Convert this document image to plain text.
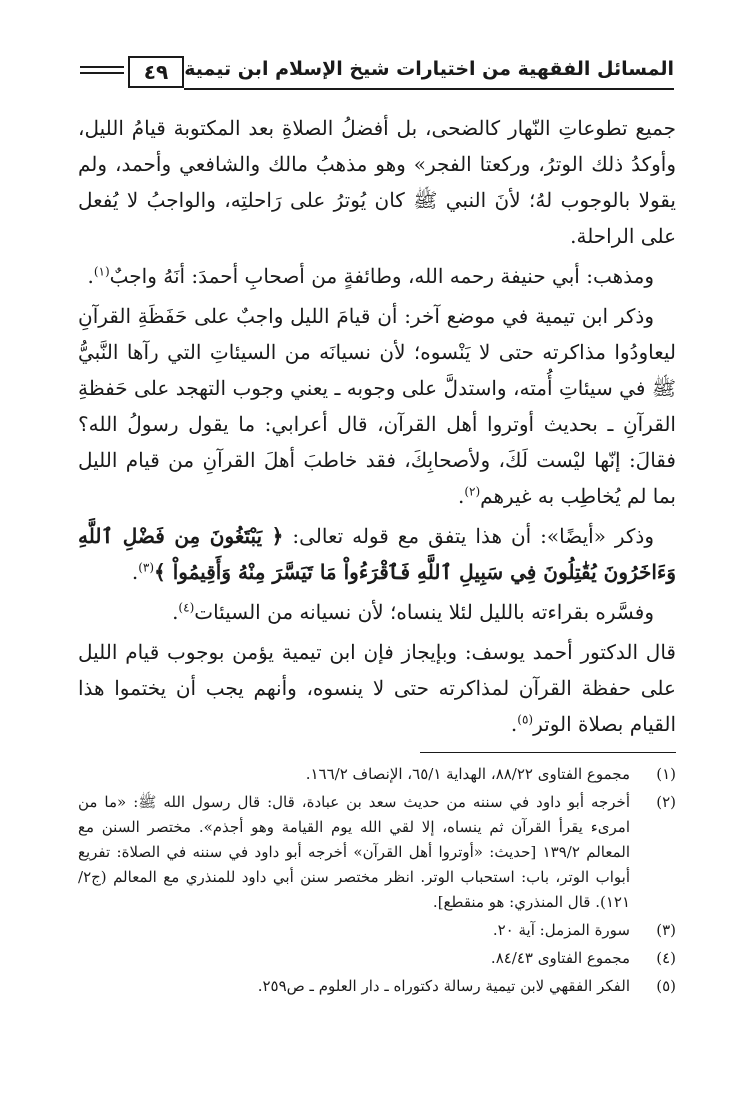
المسائل الفقهية من اختيارات شيخ الإسلام ابن تيمية
٤٩

جميع تطوعاتِ النّهار كالضحى، بل أفضلُ الصلاةِ بعد المكتوبة قيامُ الليل، وأوكدُ ذلك الوترُ، وركعتا الفجر» وهو مذهبُ مالك والشافعي وأحمد، ولم يقولا بالوجوب لهُ؛ لأنَ النبي ﷺ كان يُوترُ على رَاحلتِه، والواجبُ لا يُفعل على الراحلة.

ومذهب: أبي حنيفة رحمه الله، وطائفةٍ من أصحابِ أحمدَ: أنَهُ واجبٌ$^{(١)}$.

وذكر ابن تيمية في موضع آخر: أن قيامَ الليل واجبٌ على حَفَظَةِ القرآنِ ليعاودُوا مذاكرته حتى لا يَنْسوه؛ لأن نسيانَه من السيئاتِ التي رآها النَّبيُّ ﷺ في سيئاتِ أُمته، واستدلَّ على وجوبه ـ يعني وجوب التهجد على حَفظةِ القرآنِ ـ بحديث أوتروا أهل القرآن، قال أعرابي: ما يقول رسولُ الله؟ فقالَ: إنّها ليْست لَكَ، ولأصحابِكَ، فقد خاطبَ أهلَ القرآنِ من قيام الليل بما لم يُخاطِب به غيرهم$^{(٢)}$.

وذكر «أيضًا»: أن هذا يتفق مع قوله تعالى: ﴿ يَبْتَغُونَ مِن فَضْلِ ٱللَّهِ وَءَاخَرُونَ يُقَٰتِلُونَ فِي سَبِيلِ ٱللَّهِ فَٱقْرَءُواْ مَا تَيَسَّرَ مِنْهُ وَأَقِيمُواْ ﴾$^{(٣)}$.

وفسَّره بقراءته بالليل لئلا ينساه؛ لأن نسيانه من السيئات$^{(٤)}$.

قال الدكتور أحمد يوسف: وبإيجاز فإن ابن تيمية يؤمن بوجوب قيام الليل على حفظة القرآن لمذاكرته حتى لا ينسوه، وأنهم يجب أن يختموا هذا القيام بصلاة الوتر$^{(٥)}$.

(١)
مجموع الفتاوى ٨٨/٢٢، الهداية ٦٥/١، الإنصاف ١٦٦/٢.
(٢)
أخرجه أبو داود في سننه من حديث سعد بن عبادة، قال: قال رسول الله ﷺ: «ما من امرىء يقرأ القرآن ثم ينساه، إلا لقي الله يوم القيامة وهو أجذم». مختصر السنن مع المعالم ١٣٩/٢ [حديث: «أوتروا أهل القرآن» أخرجه أبو داود في سننه في الصلاة: تفريع أبواب الوتر، باب: استحباب الوتر. انظر مختصر سنن أبي داود للمنذري مع المعالم (ج٢/ ١٢١). قال المنذري: هو منقطع].
(٣)
سورة المزمل: آية ٢٠.
(٤)
مجموع الفتاوى ٨٤/٤٣.
(٥)
الفكر الفقهي لابن تيمية رسالة دكتوراه ـ دار العلوم ـ ص٢٥٩.
